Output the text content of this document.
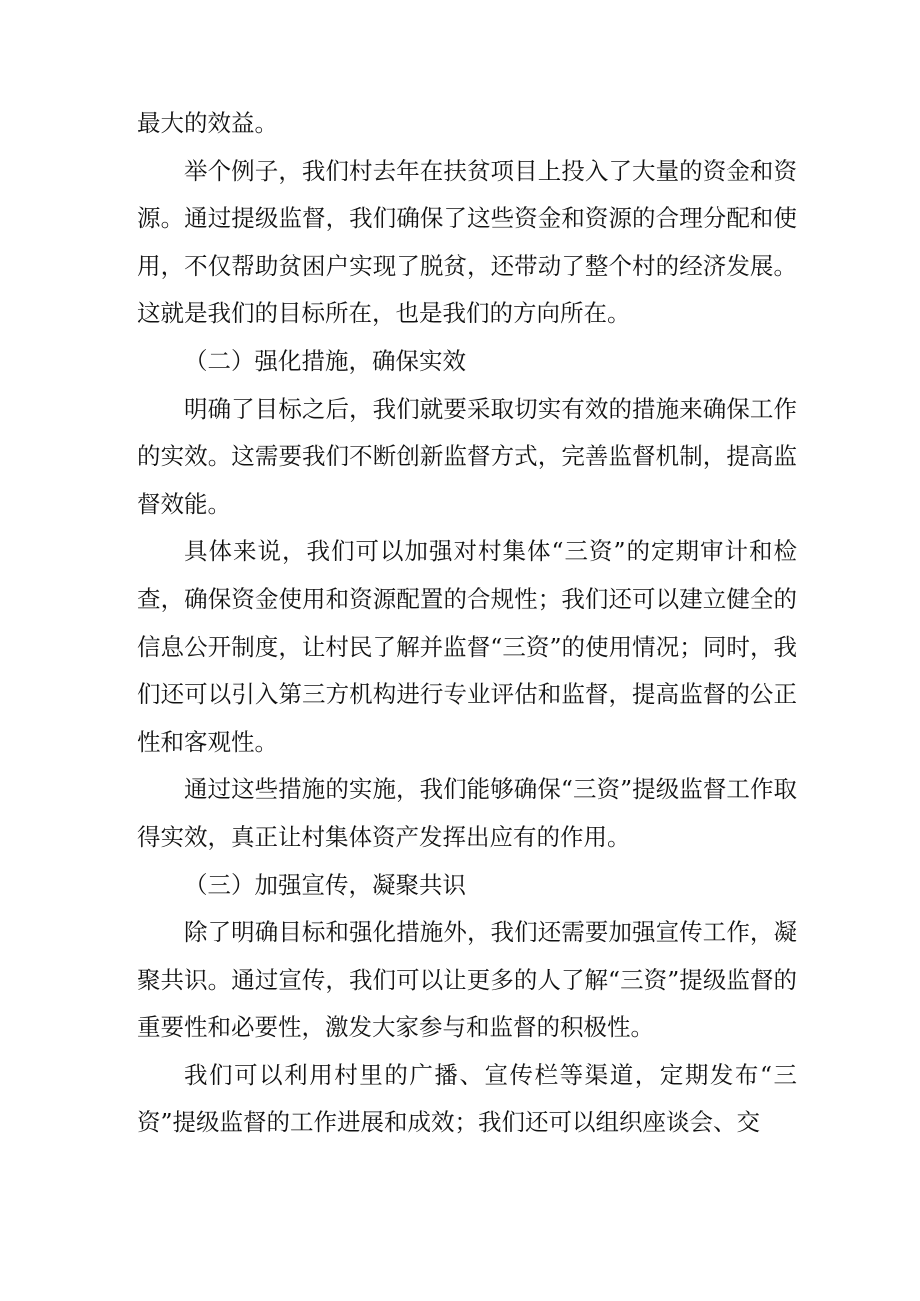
最大的效益。

举个例子，我们村去年在扶贫项目上投入了大量的资金和资源。通过提级监督，我们确保了这些资金和资源的合理分配和使用，不仅帮助贫困户实现了脱贫，还带动了整个村的经济发展。这就是我们的目标所在，也是我们的方向所在。

（二）强化措施，确保实效

明确了目标之后，我们就要采取切实有效的措施来确保工作的实效。这需要我们不断创新监督方式，完善监督机制，提高监督效能。

具体来说，我们可以加强对村集体“三资”的定期审计和检查，确保资金使用和资源配置的合规性；我们还可以建立健全的信息公开制度，让村民了解并监督“三资”的使用情况；同时，我们还可以引入第三方机构进行专业评估和监督，提高监督的公正性和客观性。

通过这些措施的实施，我们能够确保“三资”提级监督工作取得实效，真正让村集体资产发挥出应有的作用。

（三）加强宣传，凝聚共识

除了明确目标和强化措施外，我们还需要加强宣传工作，凝聚共识。通过宣传，我们可以让更多的人了解“三资”提级监督的重要性和必要性，激发大家参与和监督的积极性。

我们可以利用村里的广播、宣传栏等渠道，定期发布“三资”提级监督的工作进展和成效；我们还可以组织座谈会、交
